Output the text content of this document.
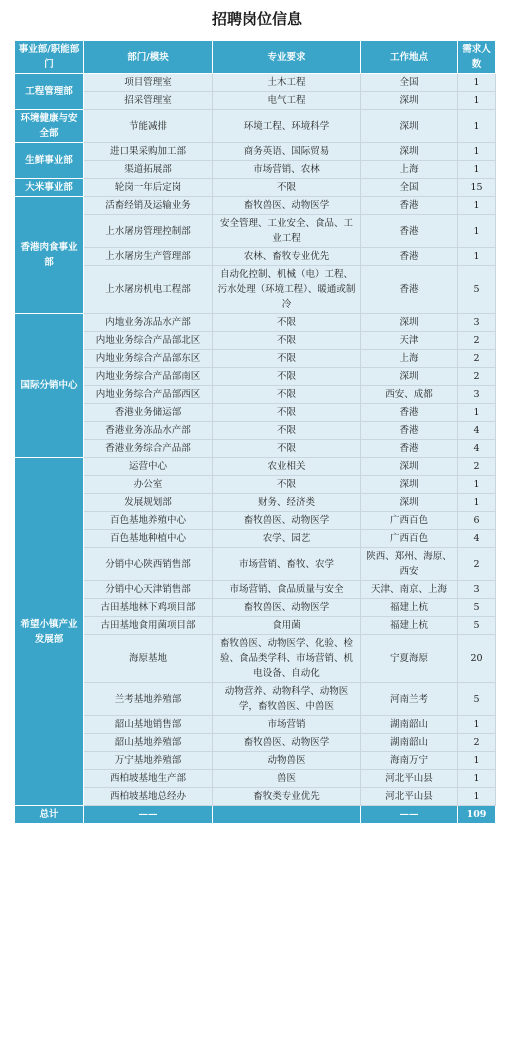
招聘岗位信息
事业部/职能部门	部门/模块	专业要求	工作地点	需求人数
工程管理部	项目管理室	土木工程	全国	1
	招采管理室	电气工程	深圳	1
环境健康与安全部	节能减排	环境工程、环境科学	深圳	1
生鲜事业部	进口果采购加工部	商务英语、国际贸易	深圳	1
	渠道拓展部	市场营销、农林	上海	1
大米事业部	轮岗一年后定岗	不限	全国	15
香港肉食事业部	活畜经销及运输业务	畜牧兽医、动物医学	香港	1
	上水屠房管理控制部	安全管理、工业安全、食品、工业工程	香港	1
	上水屠房生产管理部	农林、畜牧专业优先	香港	1
	上水屠房机电工程部	自动化控制、机械（电）工程、污水处理（环境工程）、暖通或制冷	香港	5
国际分销中心	内地业务冻品水产部	不限	深圳	3
	内地业务综合产品部北区	不限	天津	2
	内地业务综合产品部东区	不限	上海	2
	内地业务综合产品部南区	不限	深圳	2
	内地业务综合产品部西区	不限	西安、成都	3
	香港业务储运部	不限	香港	1
	香港业务冻品水产部	不限	香港	4
	香港业务综合产品部	不限	香港	4
希望小镇产业发展部	运营中心	农业相关	深圳	2
	办公室	不限	深圳	1
	发展规划部	财务、经济类	深圳	1
	百色基地养殖中心	畜牧兽医、动物医学	广西百色	6
	百色基地种植中心	农学、园艺	广西百色	4
	分销中心陕西销售部	市场营销、畜牧、农学	陕西、郑州、海原、西安	2
	分销中心天津销售部	市场营销、食品质量与安全	天津、南京、上海	3
	古田基地林下鸡项目部	畜牧兽医、动物医学	福建上杭	5
	古田基地食用菌项目部	食用菌	福建上杭	5
	海原基地	畜牧兽医、动物医学、化验、检验、食品类学科、市场营销、机电设备、自动化	宁夏海原	20
	兰考基地养殖部	动物营养、动物科学、动物医学，畜牧兽医、中兽医	河南兰考	5
	韶山基地销售部	市场营销	湖南韶山	1
	韶山基地养殖部	畜牧兽医、动物医学	湖南韶山	2
	万宁基地养殖部	动物兽医	海南万宁	1
	西柏坡基地生产部	兽医	河北平山县	1
	西柏坡基地总经办	畜牧类专业优先	河北平山县	1
总计	——		——	109
